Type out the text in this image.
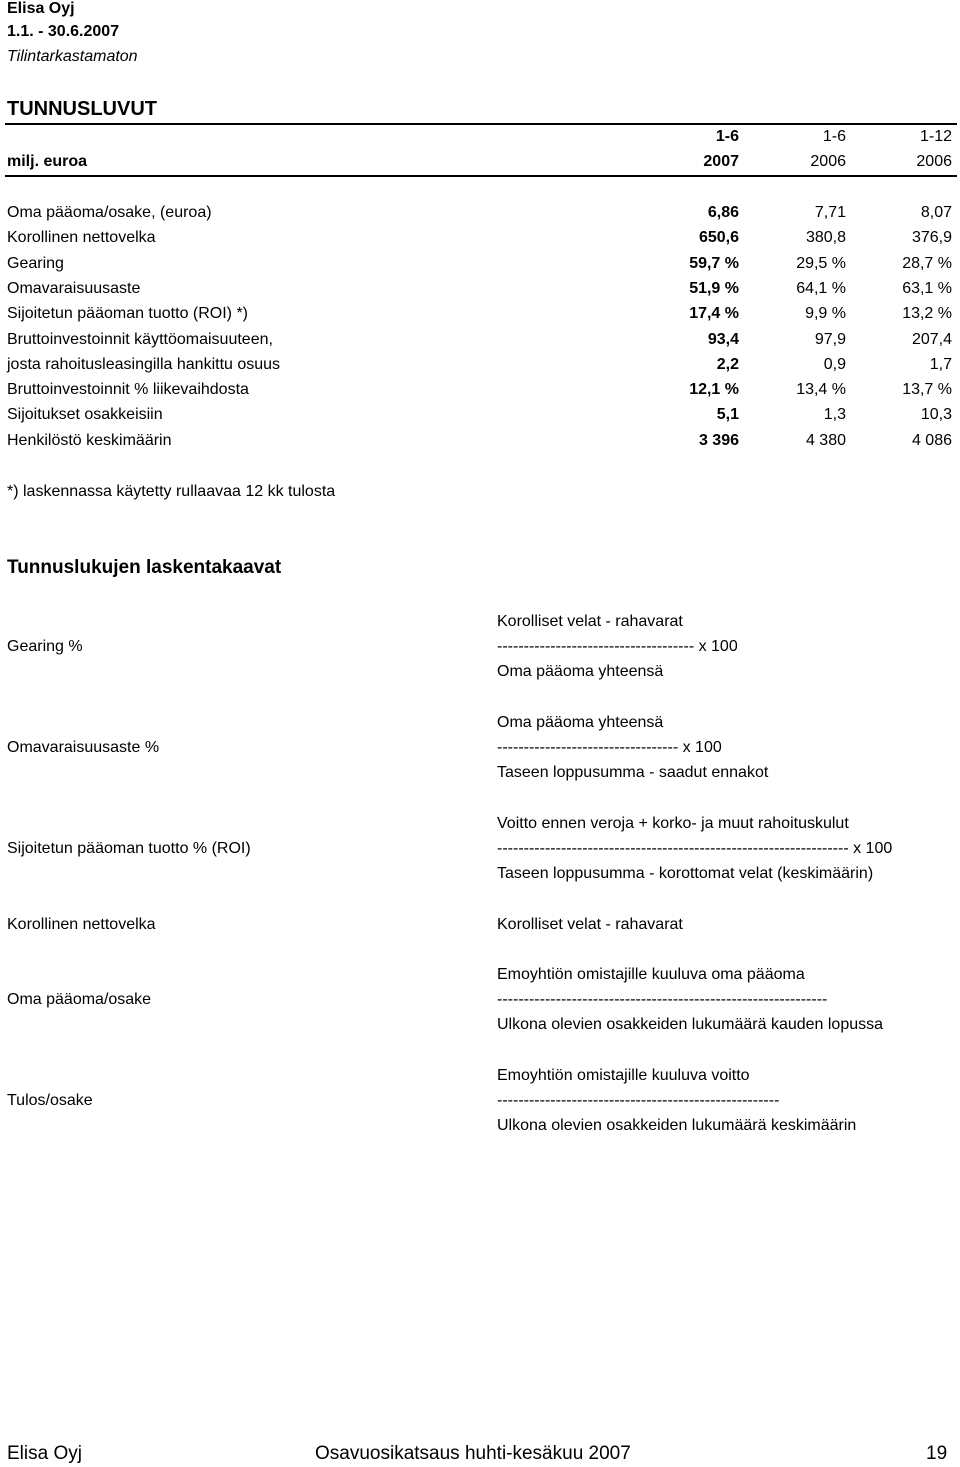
Elisa Oyj
1.1. - 30.6.2007
Tilintarkastamaton
TUNNUSLUVUT
1-6	1-6	1-12
milj. euroa	2007	2006	2006
Oma pääoma/osake, (euroa)	6,86	7,71	8,07
Korollinen nettovelka	650,6	380,8	376,9
Gearing	59,7 %	29,5 %	28,7 %
Omavaraisuusaste	51,9 %	64,1 %	63,1 %
Sijoitetun pääoman tuotto (ROI) *)	17,4 %	9,9 %	13,2 %
Bruttoinvestoinnit käyttöomaisuuteen,	93,4	97,9	207,4
josta rahoitusleasingilla hankittu osuus	2,2	0,9	1,7
Bruttoinvestoinnit % liikevaihdosta	12,1 %	13,4 %	13,7 %
Sijoitukset osakkeisiin	5,1	1,3	10,3
Henkilöstö keskimäärin	3 396	4 380	4 086
*) laskennassa käytetty rullaavaa 12 kk tulosta
Tunnuslukujen laskentakaavat
Gearing %
Korolliset velat - rahavarat
------------------------------------- x 100
Oma pääoma yhteensä
Omavaraisuusaste %
Oma pääoma yhteensä
---------------------------------- x 100
Taseen loppusumma - saadut ennakot
Sijoitetun pääoman tuotto % (ROI)
Voitto ennen veroja + korko- ja muut rahoituskulut
------------------------------------------------------------------ x 100
Taseen loppusumma - korottomat velat (keskimäärin)
Korollinen nettovelka	Korolliset velat - rahavarat
Oma pääoma/osake
Emoyhtiön omistajille kuuluva oma pääoma
--------------------------------------------------------------
Ulkona olevien osakkeiden lukumäärä kauden lopussa
Tulos/osake
Emoyhtiön omistajille kuuluva voitto
-----------------------------------------------------
Ulkona olevien osakkeiden lukumäärä keskimäärin
Elisa Oyj	Osavuosikatsaus huhti-kesäkuu 2007	19
